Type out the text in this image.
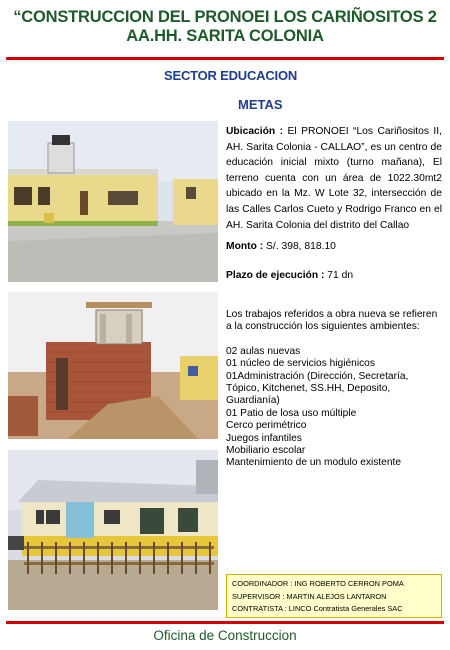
“CONSTRUCCION DEL PRONOEI LOS CARIÑOSITOS 2
AA.HH. SARITA COLONIA
SECTOR EDUCACION
METAS
Ubicación : El PRONOEI “Los Cariñositos II, AH. Sarita Colonia - CALLAO”, es un centro de educación inicial mixto (turno mañana), El terreno cuenta con un área de 1022.30mt2 ubicado en la Mz. W Lote 32, intersección de las Calles Carlos Cueto y Rodrigo Franco en el AH. Sarita Colonia del distrito del Callao
Monto : S/. 398, 818.10
Plazo de ejecución : 71 dn
Los trabajos referidos a obra nueva se refieren a la construcción los siguientes ambientes:
02 aulas nuevas
01 núcleo de servicios higiénicos
01Administración (Dirección, Secretaría, Tópico, Kitchenet, SS.HH, Deposito, Guardianía)
01 Patio de losa uso múltiple
Cerco perimétrico
Juegos infantiles
Mobiliario escolar
Mantenimiento de un modulo existente
COORDINADOR : ING ROBERTO CERRON POMA
SUPERVISOR : MARTIN ALEJOS LANTARON
CONTRATISTA : LINCO Contratista Generales SAC
Oficina de Construccion
